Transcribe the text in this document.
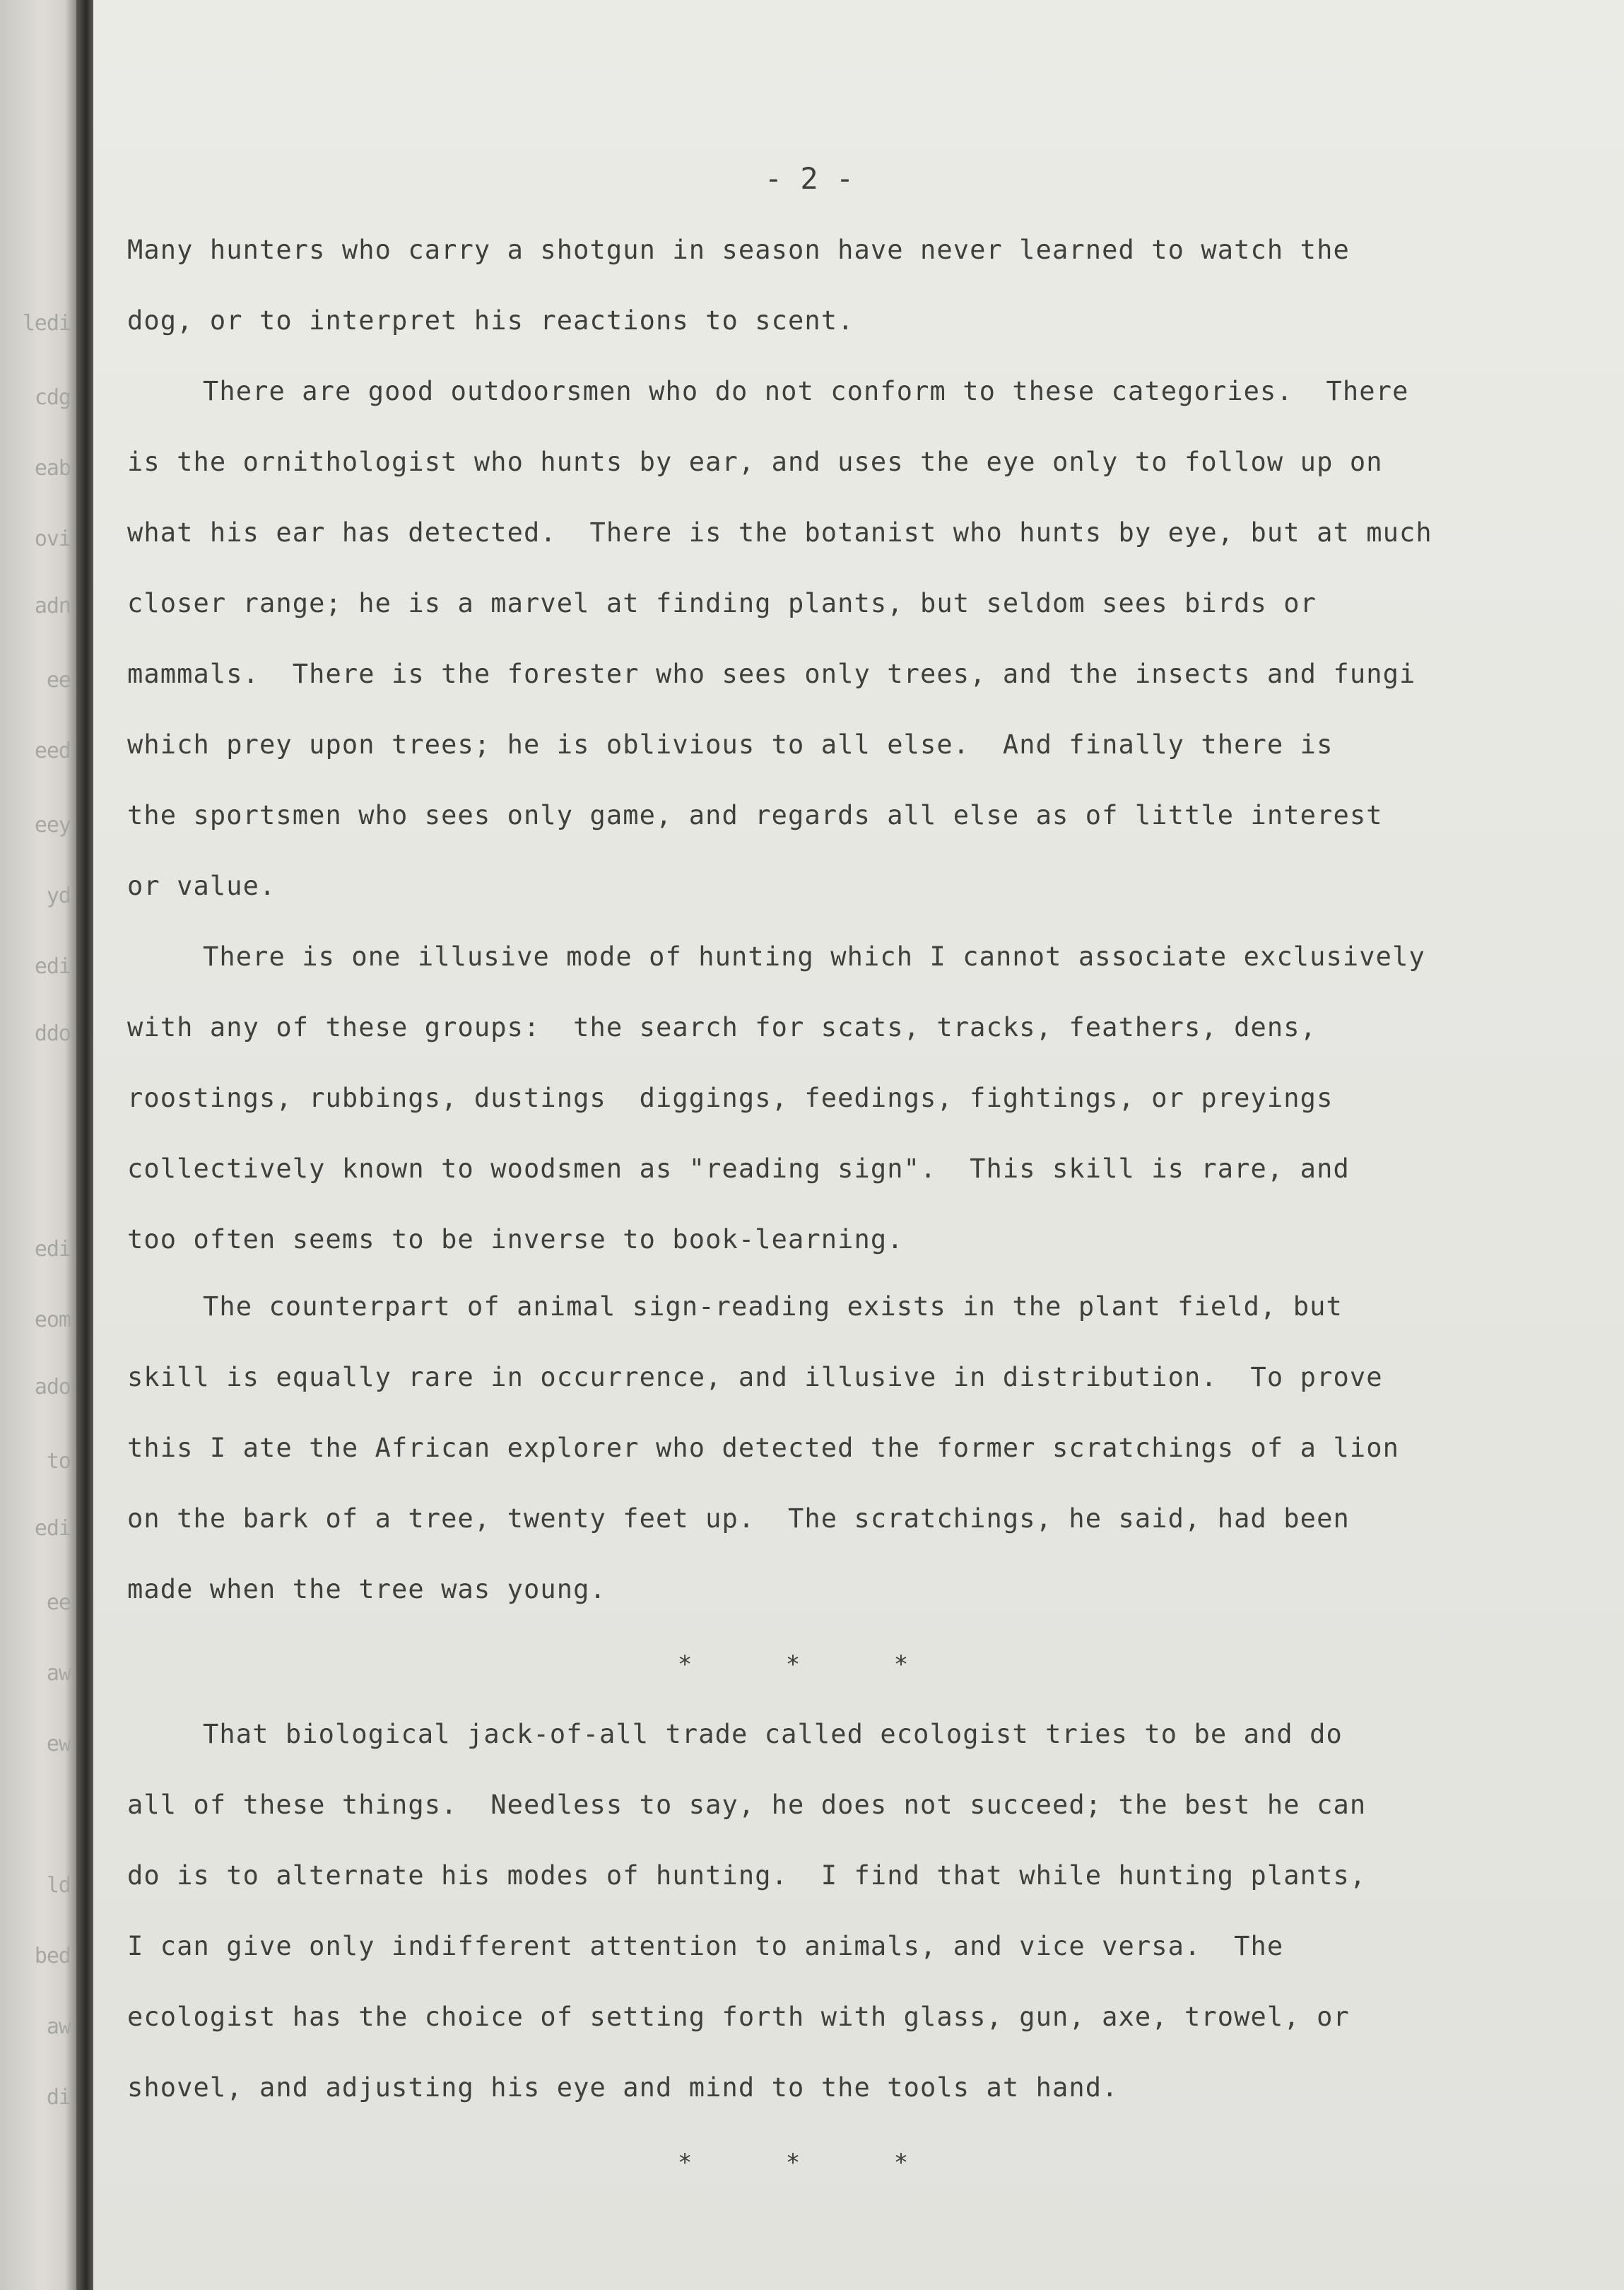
ledi
cdg
eab
ovi
adn
ee
eed
eey
yd
edi
ddo
edi
eom
ado
to
edi
ee
aw
ew
ld
bed
aw
di
- 2 -
Many hunters who carry a shotgun in season have never learned to watch the
dog, or to interpret his reactions to scent.
There are good outdoorsmen who do not conform to these categories.  There
is the ornithologist who hunts by ear, and uses the eye only to follow up on
what his ear has detected.  There is the botanist who hunts by eye, but at much
closer range; he is a marvel at finding plants, but seldom sees birds or
mammals.  There is the forester who sees only trees, and the insects and fungi
which prey upon trees; he is oblivious to all else.  And finally there is
the sportsmen who sees only game, and regards all else as of little interest
or value.
There is one illusive mode of hunting which I cannot associate exclusively
with any of these groups:  the search for scats, tracks, feathers, dens,
roostings, rubbings, dustings  diggings, feedings, fightings, or preyings
collectively known to woodsmen as "reading sign".  This skill is rare, and
too often seems to be inverse to book-learning.
The counterpart of animal sign-reading exists in the plant field, but
skill is equally rare in occurrence, and illusive in distribution.  To prove
this I ate the African explorer who detected the former scratchings of a lion
on the bark of a tree, twenty feet up.  The scratchings, he said, had been
made when the tree was young.
* * *
That biological jack-of-all trade called ecologist tries to be and do
all of these things.  Needless to say, he does not succeed; the best he can
do is to alternate his modes of hunting.  I find that while hunting plants,
I can give only indifferent attention to animals, and vice versa.  The
ecologist has the choice of setting forth with glass, gun, axe, trowel, or
shovel, and adjusting his eye and mind to the tools at hand.
* * *
